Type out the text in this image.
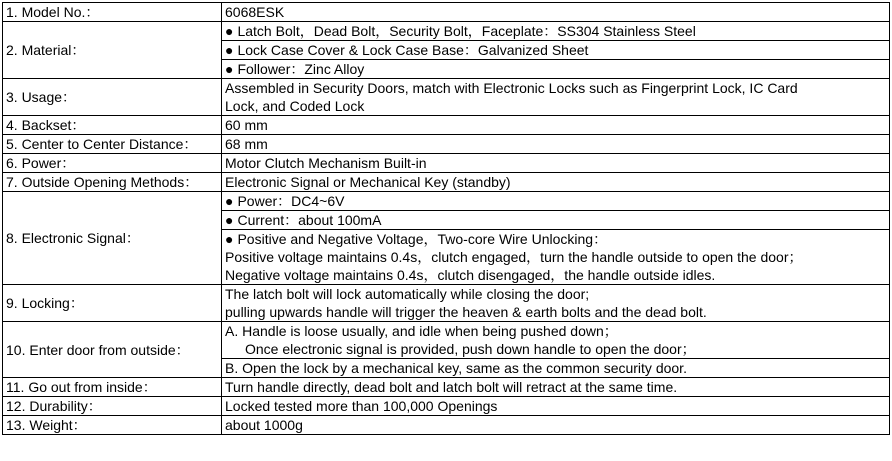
1. Model No.：	6068ESK
2. Material：	● Latch Bolt，Dead Bolt，Security Bolt，Faceplate：SS304 Stainless Steel
● Lock Case Cover & Lock Case Base：Galvanized Sheet
● Follower：Zinc Alloy

3. Usage：	Assembled in Security Doors, match with Electronic Locks such as Fingerprint Lock, IC Card
Lock, and Coded Lock

4. Backset：	60 mm
5. Center to Center Distance：	68 mm
6. Power：	Motor Clutch Mechanism Built-in
7. Outside Opening Methods：	Electronic Signal or Mechanical Key (standby)
8. Electronic Signal：	● Power：DC4~6V
● Current：about 100mA
● Positive and Negative Voltage，Two-core Wire Unlocking：
Positive voltage maintains 0.4s，clutch engaged，turn the handle outside to open the door；
Negative voltage maintains 0.4s，clutch disengaged，the handle outside idles.

9. Locking：	The latch bolt will lock automatically while closing the door;
pulling upwards handle will trigger the heaven & earth bolts and the dead bolt.

10. Enter door from outside：	A. Handle is loose usually, and idle when being pushed down；
Once electronic signal is provided, push down handle to open the door；
B. Open the lock by a mechanical key, same as the common security door.

11. Go out from inside：	Turn handle directly, dead bolt and latch bolt will retract at the same time.
12. Durability：	Locked tested more than 100,000 Openings
13. Weight：	about 1000g
